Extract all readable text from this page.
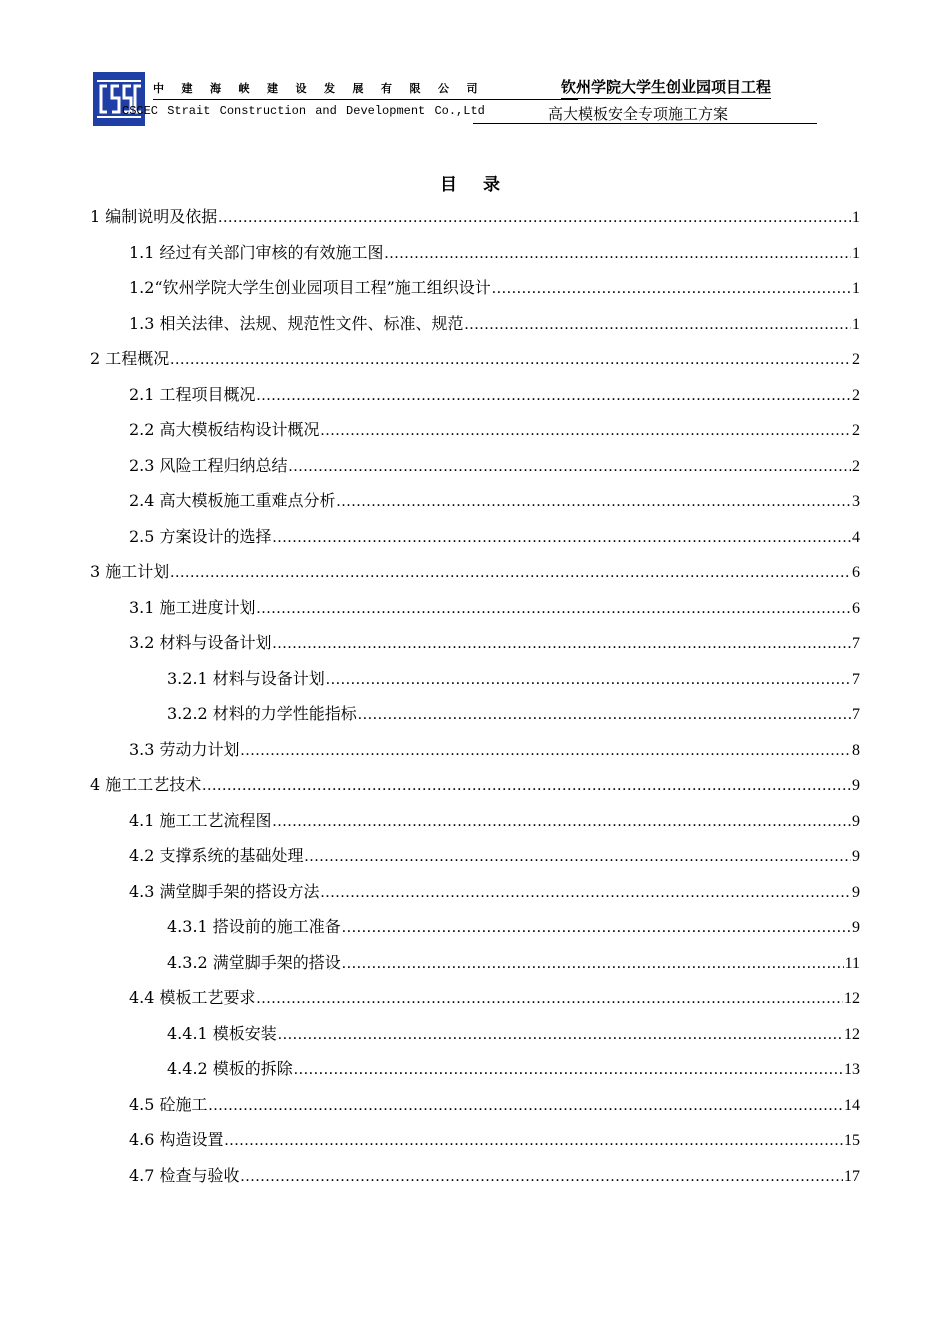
中建海峡建设发展有限公司
CSCEC Strait Construction and Development Co.,Ltd
钦州学院大学生创业园项目工程
高大模板安全专项施工方案
目 录
1 编制说明及依据 .....	1
1.1 经过有关部门审核的有效施工图 .....	1
1.2“钦州学院大学生创业园项目工程”施工组织设计 .....	1
1.3 相关法律、法规、规范性文件、标准、规范 .....	1
2 工程概况 .....	2
2.1 工程项目概况 .....	2
2.2 高大模板结构设计概况 .....	2
2.3 风险工程归纳总结 .....	2
2.4 高大模板施工重难点分析 .....	3
2.5 方案设计的选择 .....	4
3 施工计划 .....	6
3.1 施工进度计划 .....	6
3.2 材料与设备计划 .....	7
3.2.1 材料与设备计划 .....	7
3.2.2 材料的力学性能指标 .....	7
3.3 劳动力计划 .....	8
4 施工工艺技术 .....	9
4.1 施工工艺流程图 .....	9
4.2 支撑系统的基础处理 .....	9
4.3 满堂脚手架的搭设方法 .....	9
4.3.1 搭设前的施工准备 .....	9
4.3.2 满堂脚手架的搭设 .....	11
4.4 模板工艺要求 .....	12
4.4.1 模板安装 .....	12
4.4.2 模板的拆除 .....	13
4.5 砼施工 .....	14
4.6 构造设置 .....	15
4.7 检查与验收 .....	17
